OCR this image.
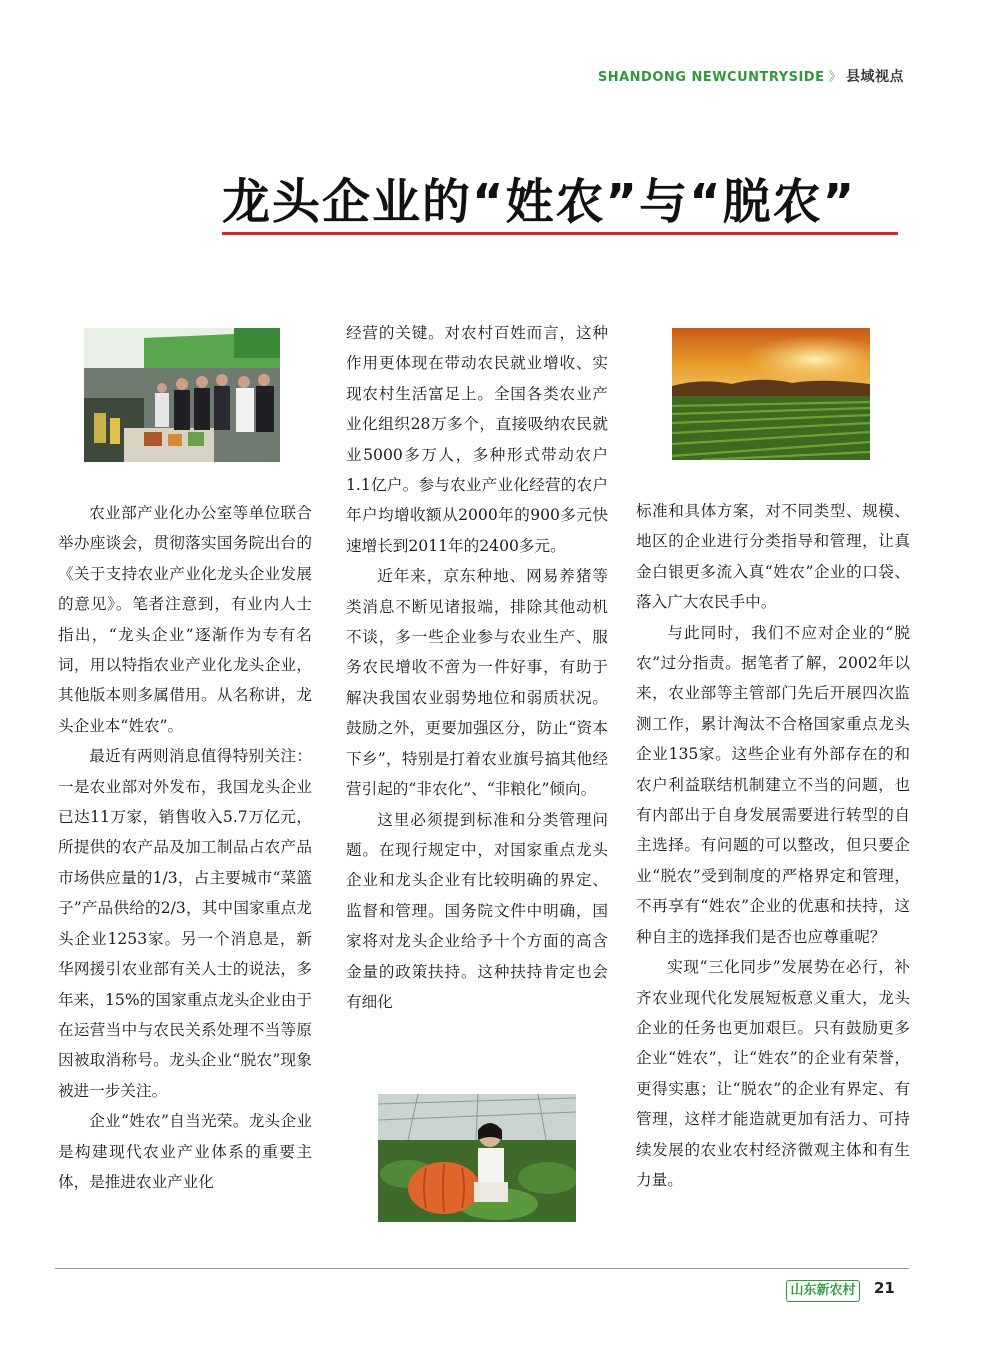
SHANDONG NEWCUNTRYSIDE 》 县域视点
龙头企业的“姓农”与“脱农”

农业部产业化办公室等单位联合举办座谈会，贯彻落实国务院出台的《关于支持农业产业化龙头企业发展的意见》。笔者注意到，有业内人士指出，“龙头企业”逐渐作为专有名词，用以特指农业产业化龙头企业，其他版本则多属借用。从名称讲，龙头企业本“姓农”。

最近有两则消息值得特别关注：一是农业部对外发布，我国龙头企业已达11万家，销售收入5.7万亿元，所提供的农产品及加工制品占农产品市场供应量的1/3，占主要城市“菜篮子”产品供给的2/3，其中国家重点龙头企业1253家。另一个消息是，新华网援引农业部有关人士的说法，多年来，15%的国家重点龙头企业由于在运营当中与农民关系处理不当等原因被取消称号。龙头企业“脱农”现象被进一步关注。

企业“姓农”自当光荣。龙头企业是构建现代农业产业体系的重要主体，是推进农业产业化

经营的关键。对农村百姓而言，这种作用更体现在带动农民就业增收、实现农村生活富足上。全国各类农业产业化组织28万多个，直接吸纳农民就业5000多万人，多种形式带动农户1.1亿户。参与农业产业化经营的农户年户均增收额从2000年的900多元快速增长到2011年的2400多元。

近年来，京东种地、网易养猪等类消息不断见诸报端，排除其他动机不谈，多一些企业参与农业生产、服务农民增收不啻为一件好事，有助于解决我国农业弱势地位和弱质状况。鼓励之外，更要加强区分，防止“资本下乡”，特别是打着农业旗号搞其他经营引起的“非农化”、“非粮化”倾向。

这里必须提到标准和分类管理问题。在现行规定中，对国家重点龙头企业和龙头企业有比较明确的界定、监督和管理。国务院文件中明确，国家将对龙头企业给予十个方面的高含金量的政策扶持。这种扶持肯定也会有细化

标准和具体方案，对不同类型、规模、地区的企业进行分类指导和管理，让真金白银更多流入真“姓农”企业的口袋、落入广大农民手中。

与此同时，我们不应对企业的“脱农”过分指责。据笔者了解，2002年以来，农业部等主管部门先后开展四次监测工作，累计淘汰不合格国家重点龙头企业135家。这些企业有外部存在的和农户利益联结机制建立不当的问题，也有内部出于自身发展需要进行转型的自主选择。有问题的可以整改，但只要企业“脱农”受到制度的严格界定和管理，不再享有“姓农”企业的优惠和扶持，这种自主的选择我们是否也应尊重呢？

实现“三化同步”发展势在必行，补齐农业现代化发展短板意义重大，龙头企业的任务也更加艰巨。只有鼓励更多企业“姓农”，让“姓农”的企业有荣誉，更得实惠；让“脱农”的企业有界定、有管理，这样才能造就更加有活力、可持续发展的农业农村经济微观主体和有生力量。

山东新农村	21
